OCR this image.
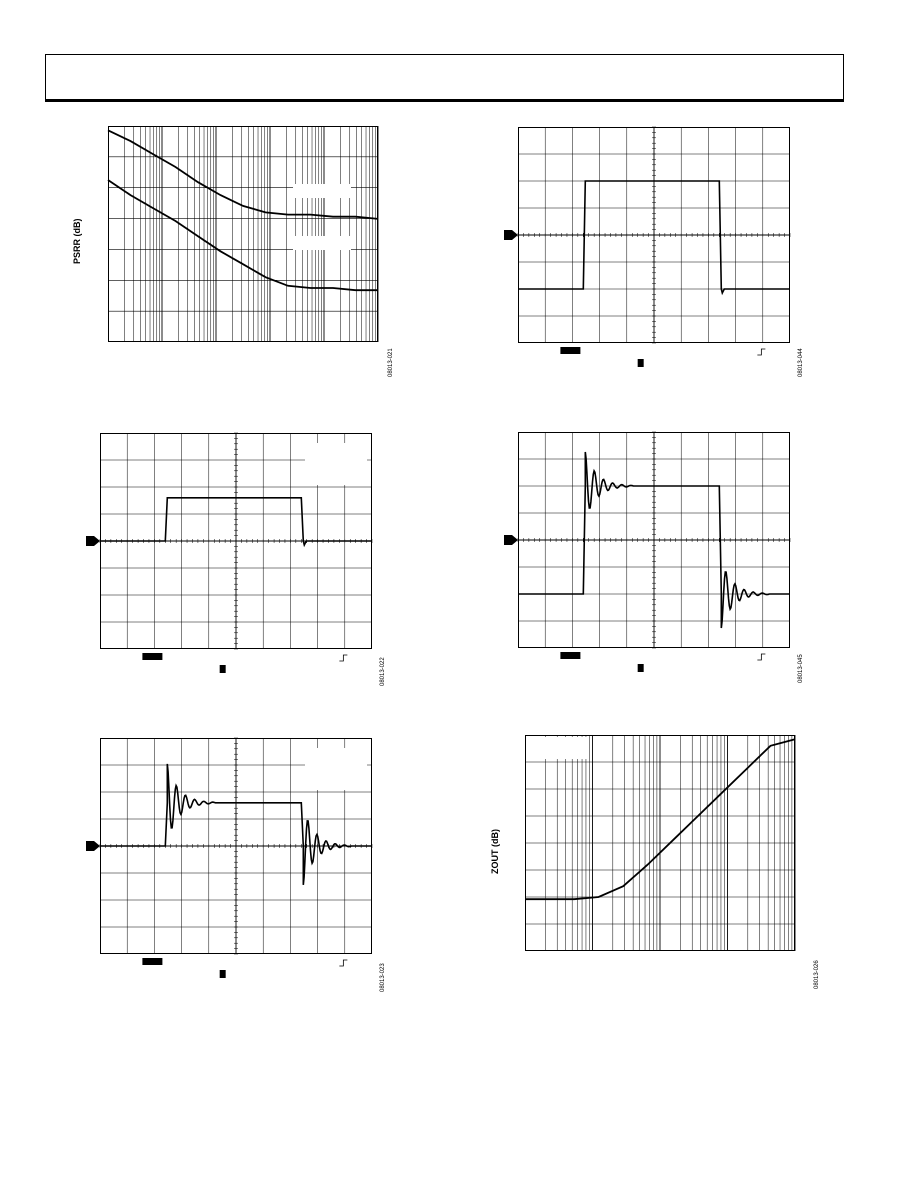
PSRR (dB)
08013-021	08013-044
08013-022	08013-045
08013-023
ZOUT (dB)
08013-026
